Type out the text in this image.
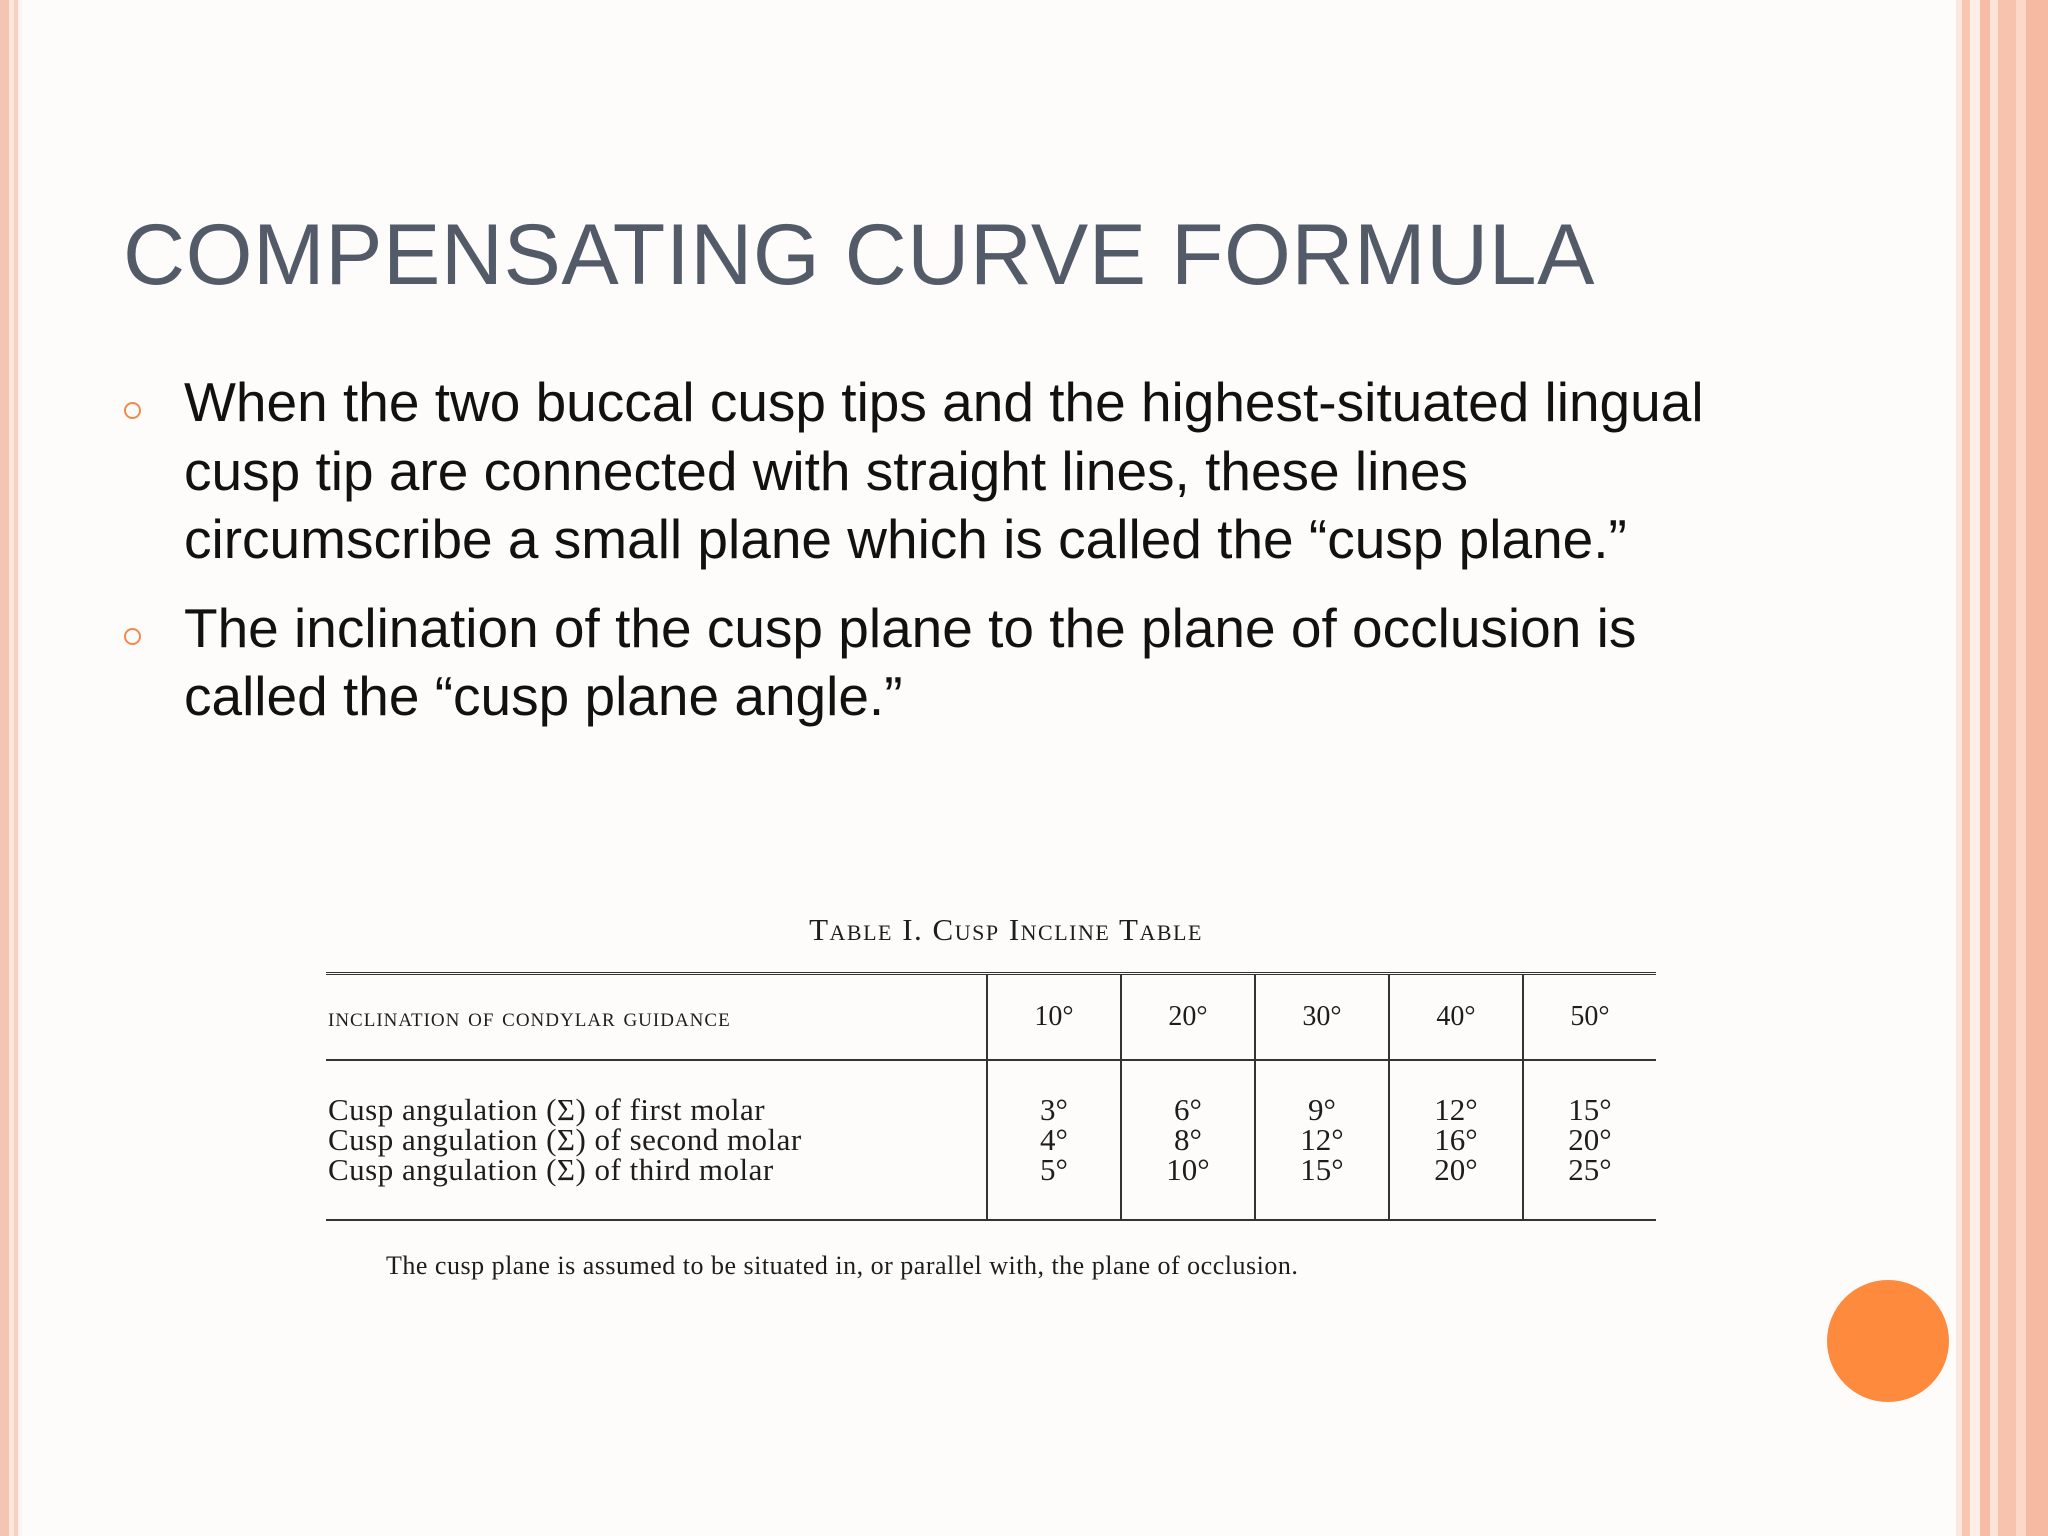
COMPENSATING CURVE FORMULA
When the two buccal cusp tips and the highest-situated lingual cusp tip are connected with straight lines, these lines circumscribe a small plane which is called the “cusp plane.”
The inclination of the cusp plane to the plane of occlusion is called the “cusp plane angle.”
Table I. Cusp Incline Table
inclination of condylar guidance	10°	20°	30°	40°	50°
Cusp angulation (Σ) of first molar	3°	6°	9°	12°	15°
Cusp angulation (Σ) of second molar	4°	8°	12°	16°	20°
Cusp angulation (Σ) of third molar	5°	10°	15°	20°	25°
The cusp plane is assumed to be situated in, or parallel with, the plane of occlusion.
